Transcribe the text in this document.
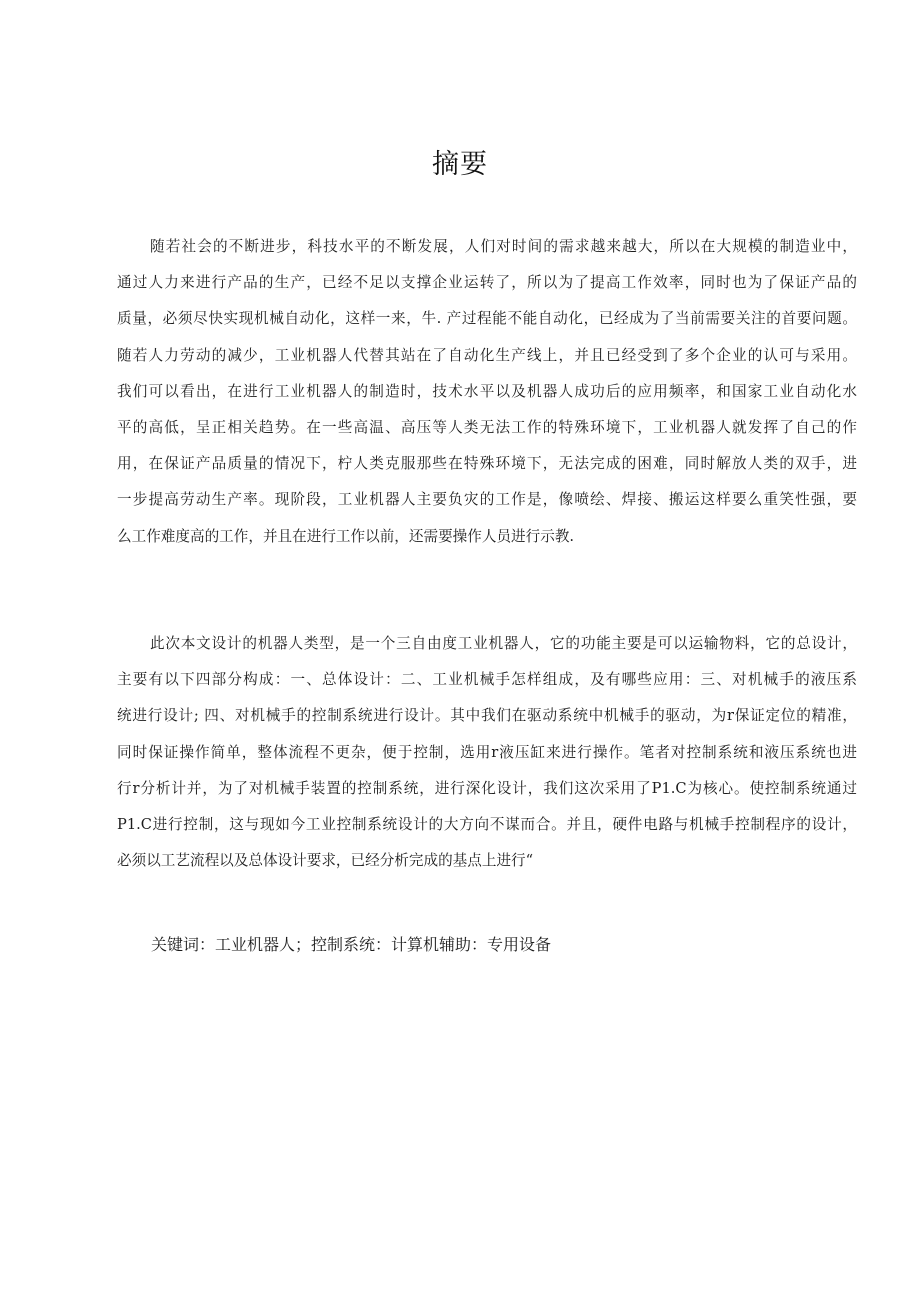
摘要
随若社会的不断进步，科技水平的不断发展，人们对时间的需求越来越大，所以在大规模的制造业中，
通过人力来进行产品的生产，已经不足以支撑企业运转了，所以为了提高工作效率，同时也为了保证产品的
质量，必须尽快实现机械自动化，这样一来，牛. 产过程能不能自动化，已经成为了当前需要关注的首要问题。
随若人力劳动的减少，工业机器人代替其站在了自动化生产线上，并且已经受到了多个企业的认可与采用。
我们可以看出，在进行工业机器人的制造时，技术水平以及机器人成功后的应用频率，和国家工业自动化水
平的高低，呈正相关趋势。在一些高温、高压等人类无法工作的特殊环境下，工业机器人就发挥了自己的作
用，在保证产品质量的情况下，柠人类克服那些在特殊环境下，无法完成的困难，同时解放人类的双手，进
一步提高劳动生产率。现阶段，工业机器人主要负灾的工作是，像喷绘、焊接、搬运这样要么重笑性强，要
么工作难度高的工作，并且在进行工作以前，还需要操作人员进行示教.
此次本文设计的机器人类型，是一个三自由度工业机器人，它的功能主要是可以运输物料，它的总设计，
主要有以下四部分构成：一、总体设计：二、工业机械手怎样组成，及有哪些应用：三、对机械手的液压系
统进行设计; 四、对机械手的控制系统进行设计。其中我们在驱动系统中机械手的驱动，为r保证定位的精准，
同时保证操作简单，整体流程不更杂，便于控制，选用r液压缸来进行操作。笔者对控制系统和液压系统也进
行r分析计并，为了对机械手装置的控制系统，进行深化设计，我们这次采用了P1.C为核心。使控制系统通过
P1.C进行控制，这与现如今工业控制系统设计的大方向不谋而合。并且，硬件电路与机械手控制程序的设计，
必须以工艺流程以及总体设计要求，已经分析完成的基点上进行“

关键词：工业机器人；控制系统：计算机辅助：专用设备
